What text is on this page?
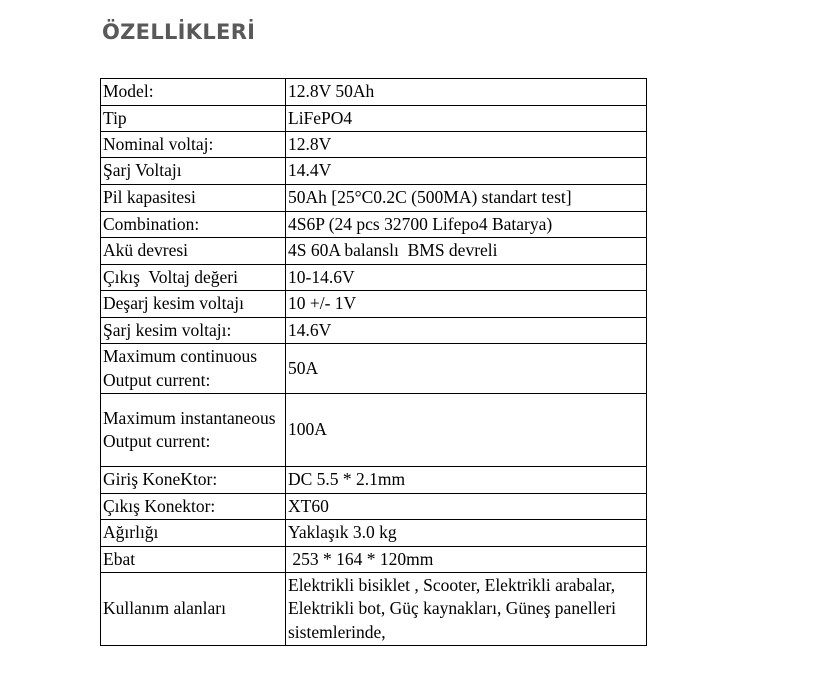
ÖZELLİKLERİ
Model:	12.8V 50Ah
Tip	LiFePO4
Nominal voltaj:	12.8V
Şarj Voltajı	14.4V
Pil kapasitesi	50Ah [25°C0.2C (500MA) standart test]
Combination:	4S6P (24 pcs 32700 Lifepo4 Batarya)
Akü devresi	4S 60A balanslı  BMS devreli
Çıkış  Voltaj değeri	10-14.6V
Deşarj kesim voltajı	10 +/- 1V
Şarj kesim voltajı:	14.6V
Maximum continuous Output current:	50A
Maximum instantaneous Output current:	100A
Giriş KoneKtor:	DC 5.5 * 2.1mm
Çıkış Konektor:	XT60
Ağırlığı	Yaklaşık 3.0 kg
Ebat	253 * 164 * 120mm
Kullanım alanları	Elektrikli bisiklet , Scooter, Elektrikli arabalar, Elektrikli bot, Güç kaynakları, Güneş panelleri sistemlerinde,
